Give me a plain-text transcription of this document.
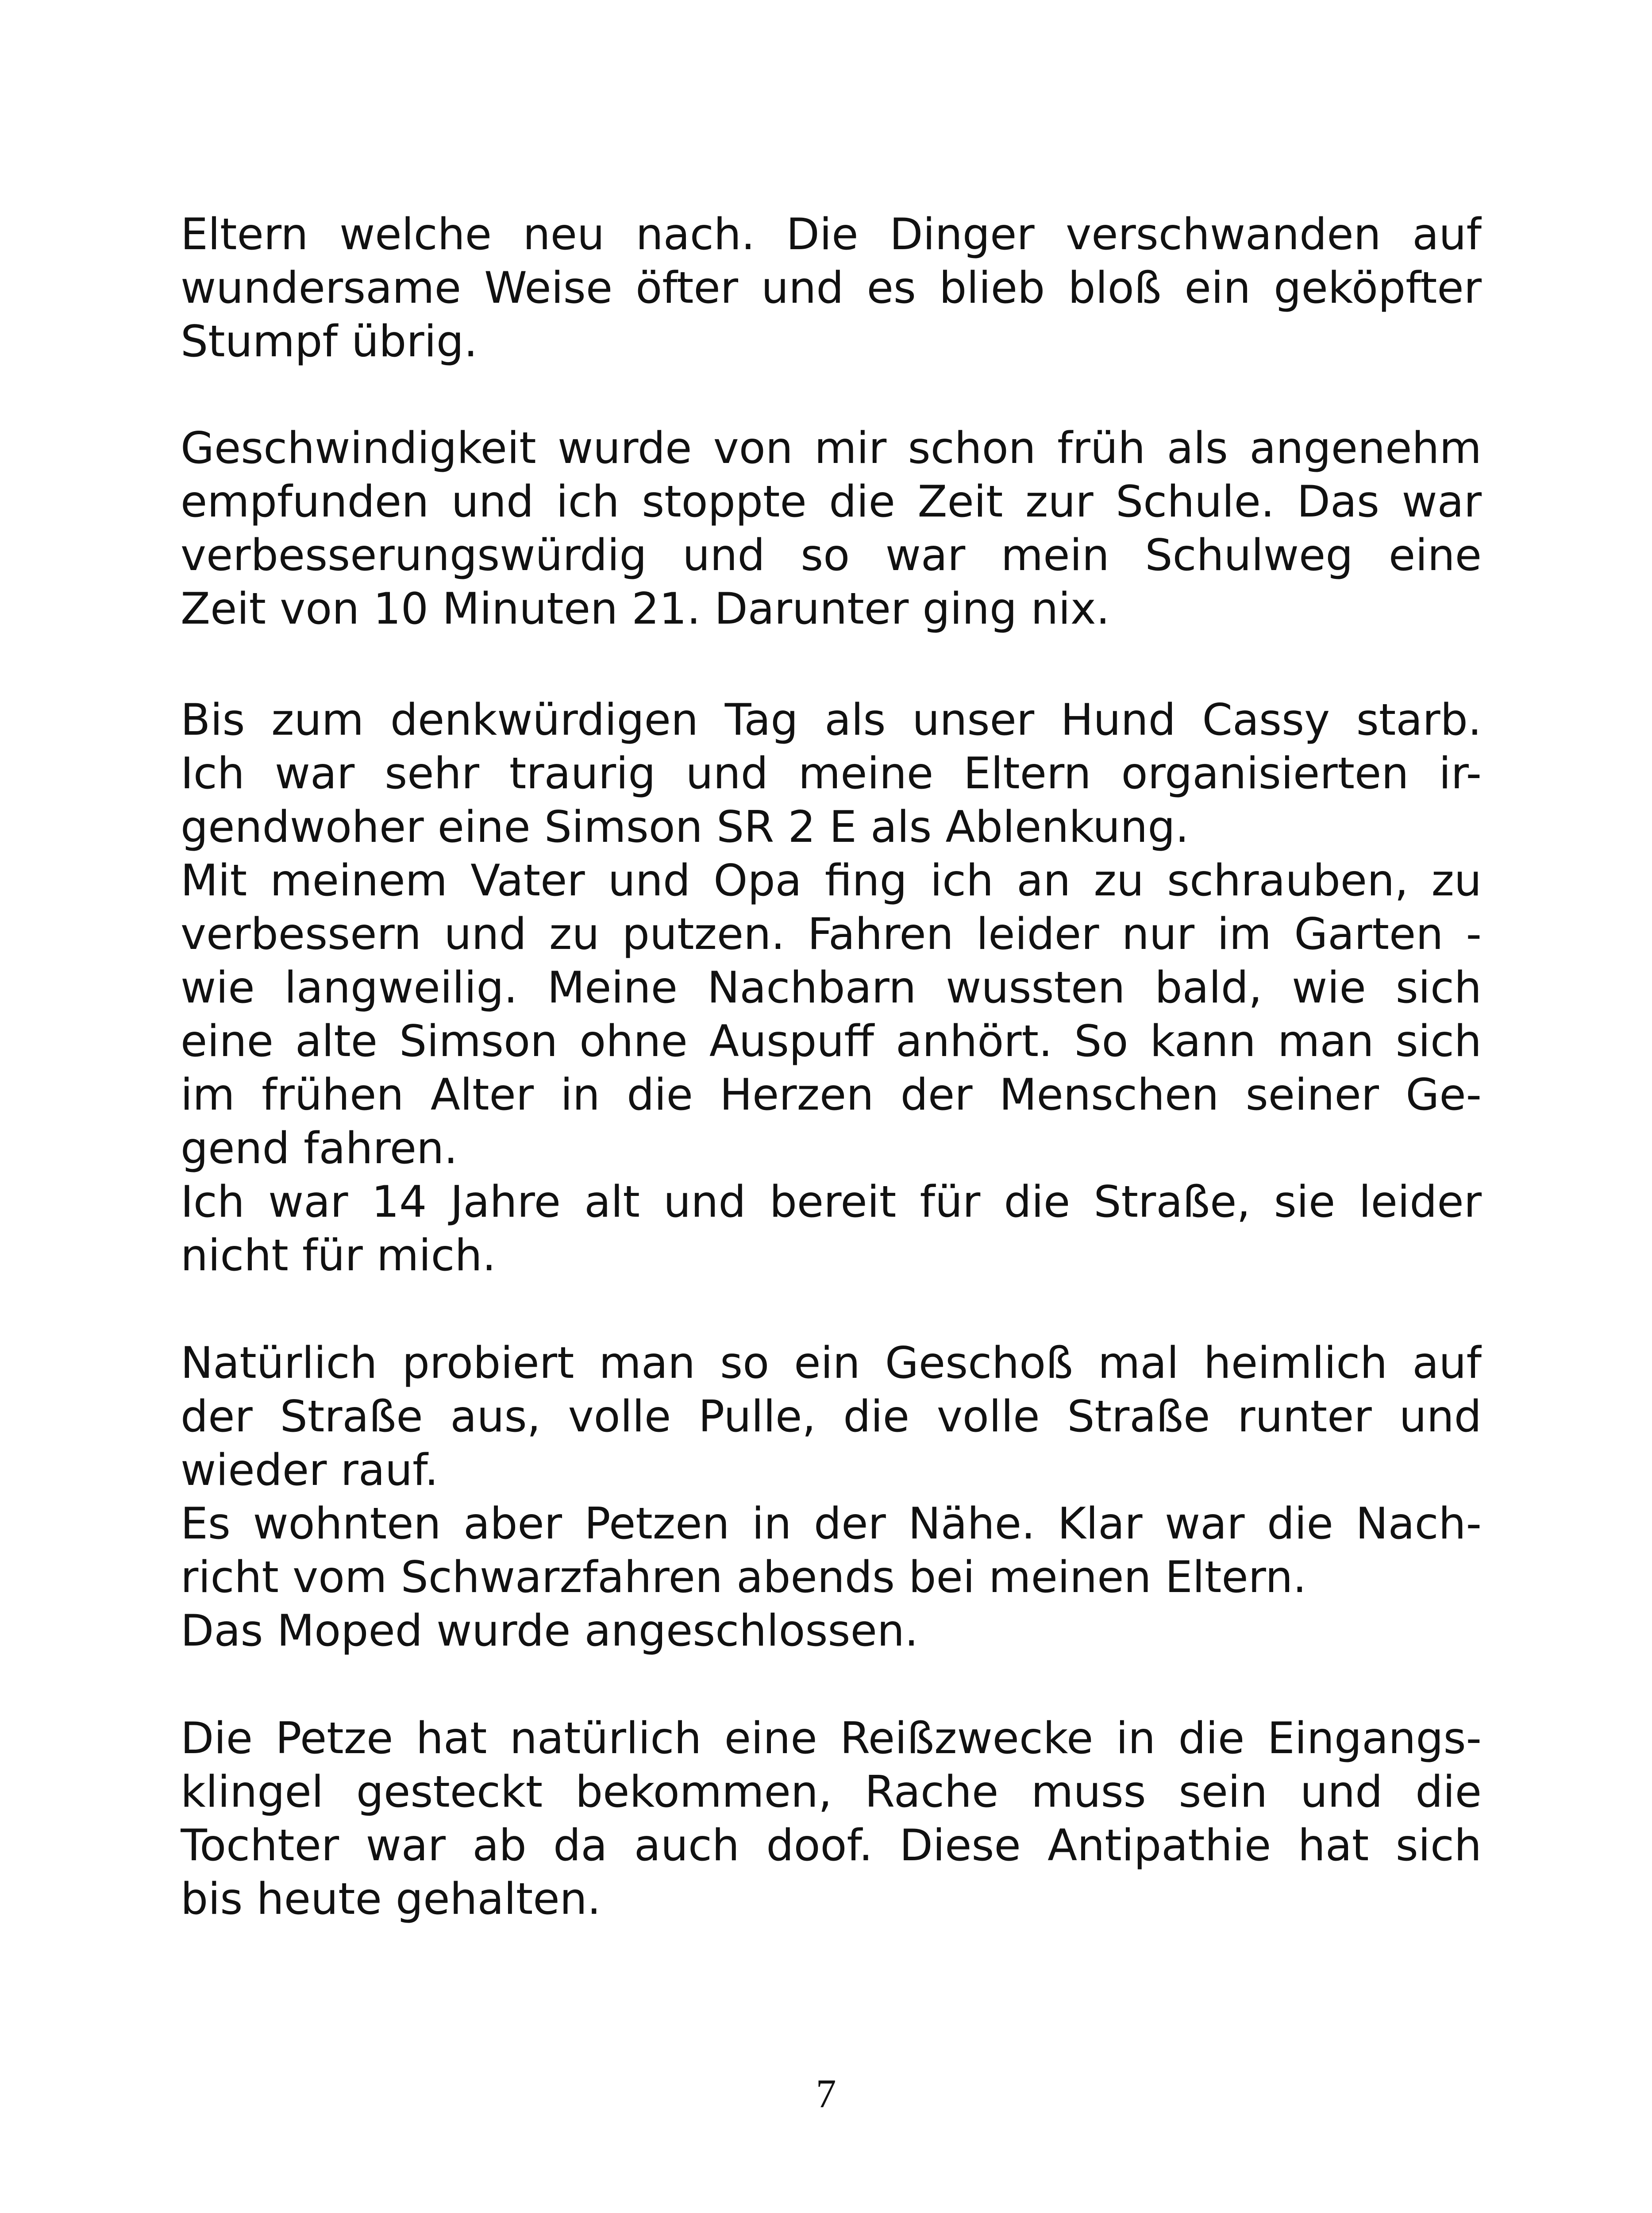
Eltern welche neu nach. Die Dinger verschwanden auf
wundersame Weise öfter und es blieb bloß ein geköpfter
Stumpf übrig.
Geschwindigkeit wurde von mir schon früh als angenehm
empfunden und ich stoppte die Zeit zur Schule. Das war
verbesserungswürdig und so war mein Schulweg eine
Zeit von 10 Minuten 21. Darunter ging nix.
Bis zum denkwürdigen Tag als unser Hund Cassy starb.
Ich war sehr traurig und meine Eltern organisierten ir-
gendwoher eine Simson SR 2 E als Ablenkung.
Mit meinem Vater und Opa fing ich an zu schrauben, zu
verbessern und zu putzen. Fahren leider nur im Garten -
wie langweilig. Meine Nachbarn wussten bald, wie sich
eine alte Simson ohne Auspuff anhört. So kann man sich
im frühen Alter in die Herzen der Menschen seiner Ge-
gend fahren.
Ich war 14 Jahre alt und bereit für die Straße, sie leider
nicht für mich.
Natürlich probiert man so ein Geschoß mal heimlich auf
der Straße aus, volle Pulle, die volle Straße runter und
wieder rauf.
Es wohnten aber Petzen in der Nähe. Klar war die Nach-
richt vom Schwarzfahren abends bei meinen Eltern.
Das Moped wurde angeschlossen.
Die Petze hat natürlich eine Reißzwecke in die Eingangs-
klingel gesteckt bekommen, Rache muss sein und die
Tochter war ab da auch doof. Diese Antipathie hat sich
bis heute gehalten.
7
